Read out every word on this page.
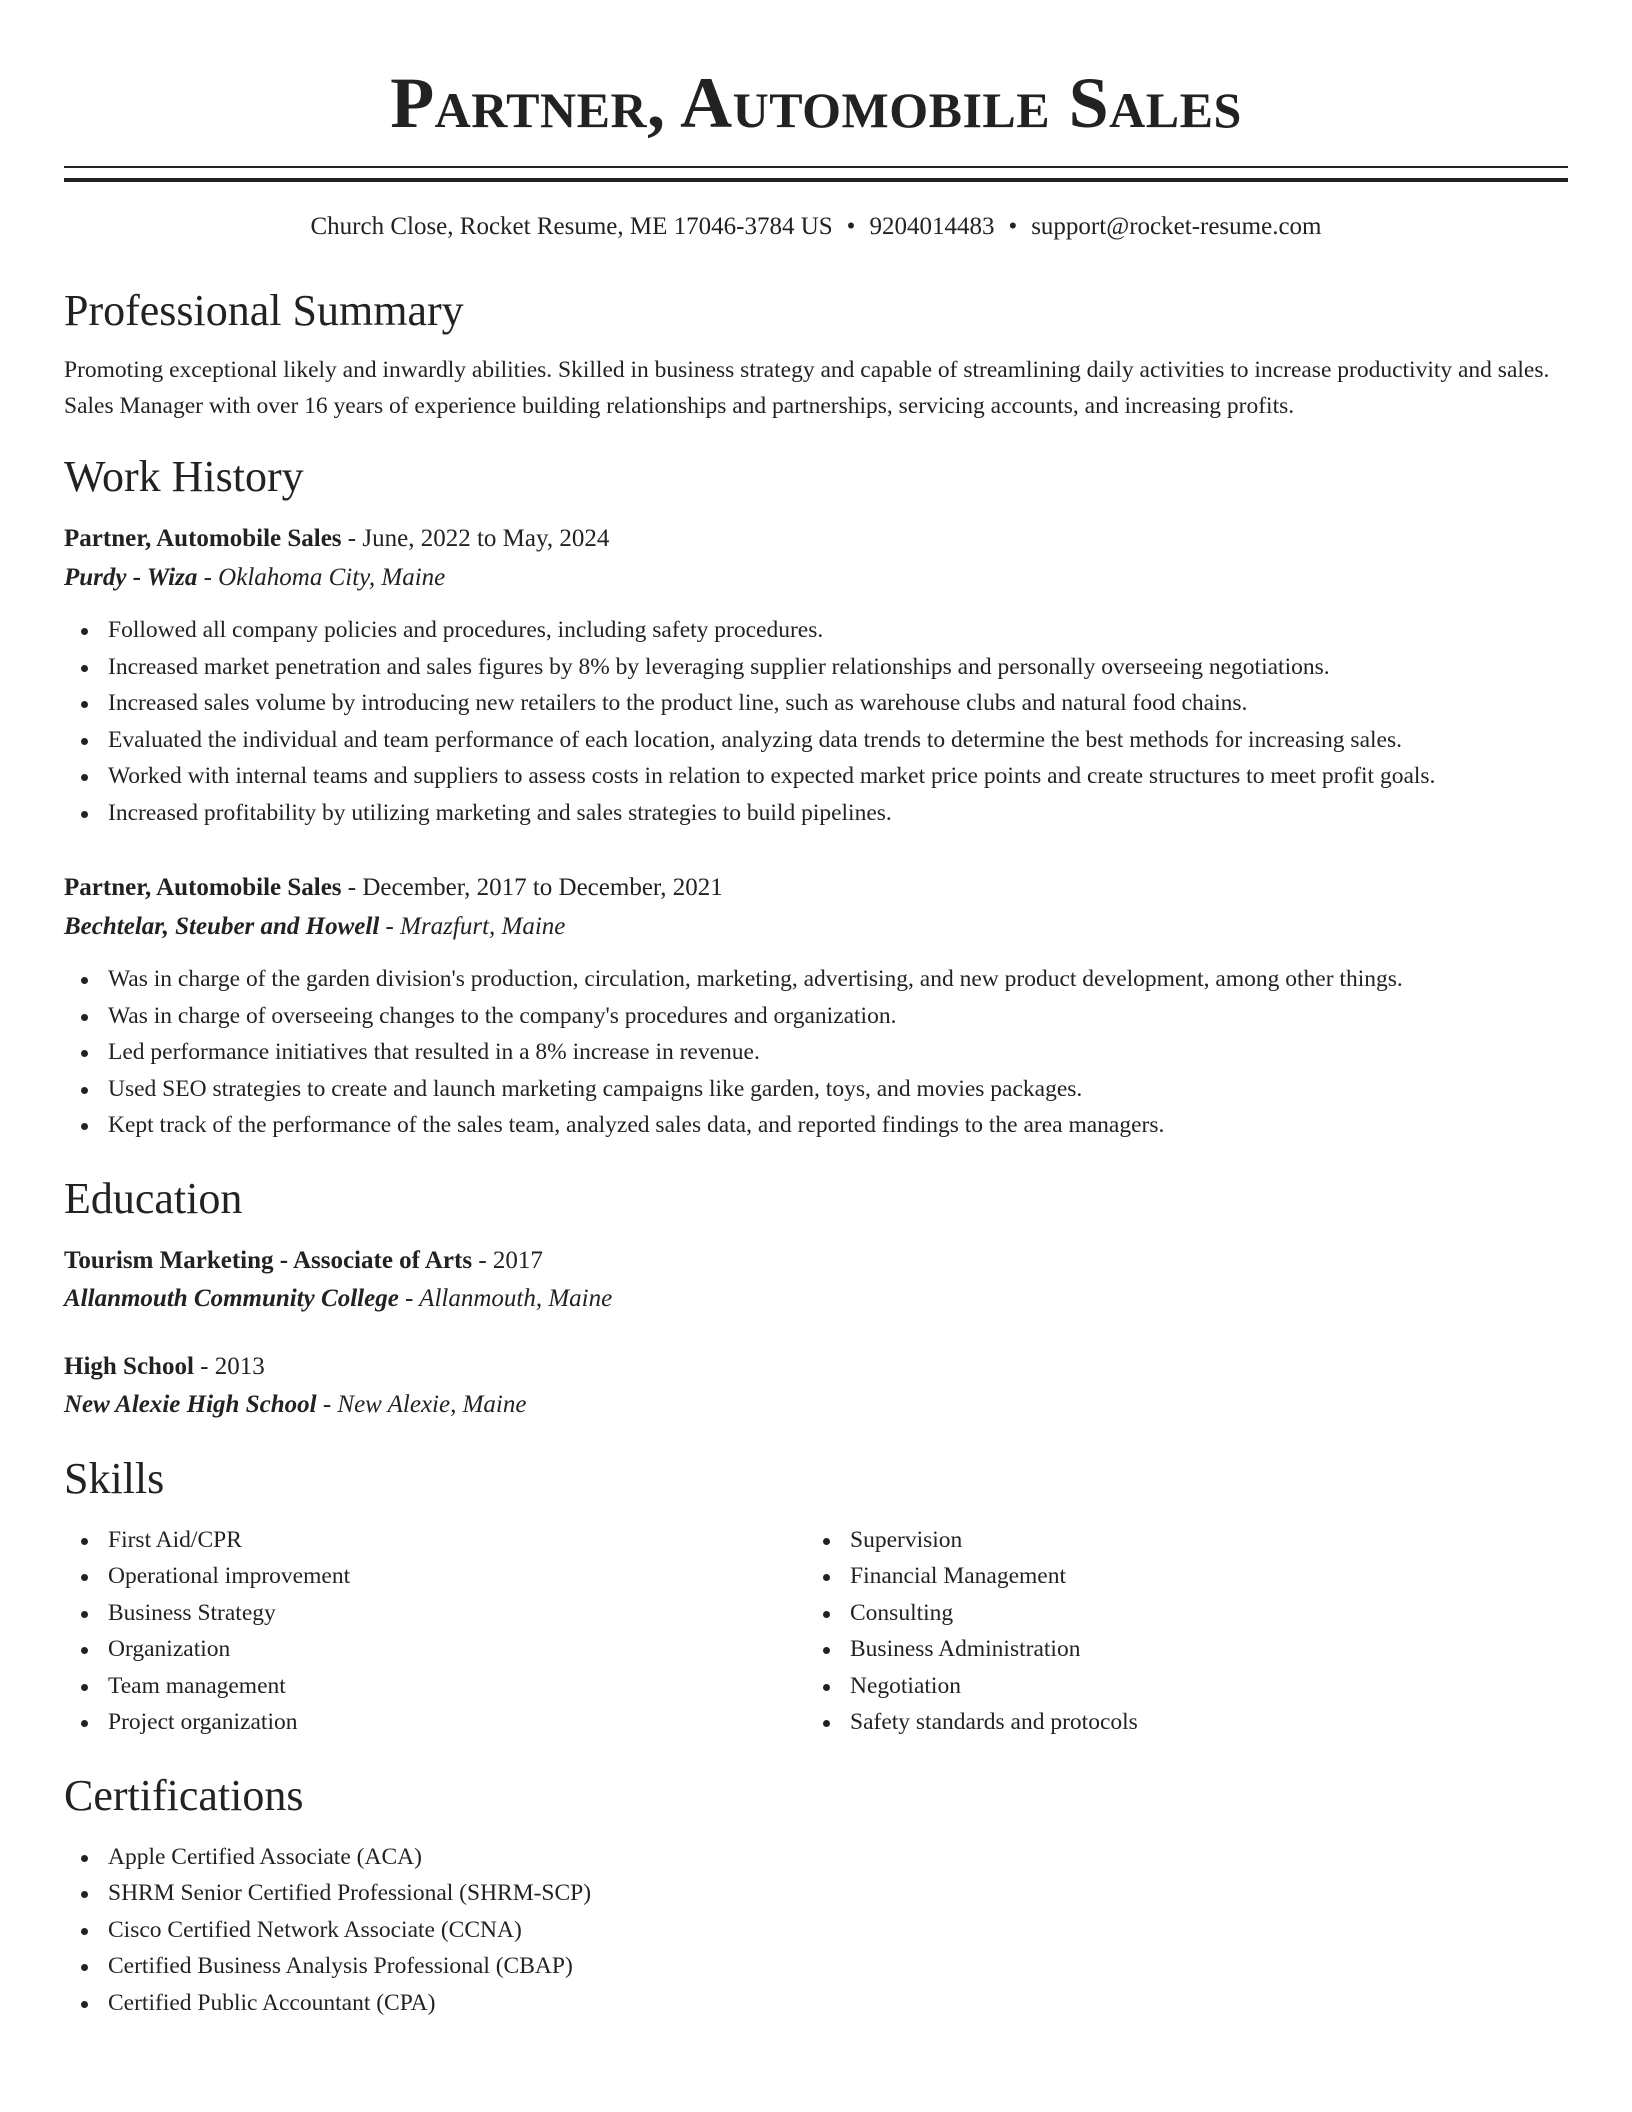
Partner, Automobile Sales
Church Close, Rocket Resume, ME 17046-3784 US • 9204014483 • support@rocket-resume.com
Professional Summary
Promoting exceptional likely and inwardly abilities. Skilled in business strategy and capable of streamlining daily activities to increase productivity and sales. Sales Manager with over 16 years of experience building relationships and partnerships, servicing accounts, and increasing profits.
Work History
Partner, Automobile Sales - June, 2022 to May, 2024
Purdy - Wiza - Oklahoma City, Maine
Followed all company policies and procedures, including safety procedures.
Increased market penetration and sales figures by 8% by leveraging supplier relationships and personally overseeing negotiations.
Increased sales volume by introducing new retailers to the product line, such as warehouse clubs and natural food chains.
Evaluated the individual and team performance of each location, analyzing data trends to determine the best methods for increasing sales.
Worked with internal teams and suppliers to assess costs in relation to expected market price points and create structures to meet profit goals.
Increased profitability by utilizing marketing and sales strategies to build pipelines.
Partner, Automobile Sales - December, 2017 to December, 2021
Bechtelar, Steuber and Howell - Mrazfurt, Maine
Was in charge of the garden division's production, circulation, marketing, advertising, and new product development, among other things.
Was in charge of overseeing changes to the company's procedures and organization.
Led performance initiatives that resulted in a 8% increase in revenue.
Used SEO strategies to create and launch marketing campaigns like garden, toys, and movies packages.
Kept track of the performance of the sales team, analyzed sales data, and reported findings to the area managers.
Education
Tourism Marketing - Associate of Arts - 2017
Allanmouth Community College - Allanmouth, Maine
High School - 2013
New Alexie High School - New Alexie, Maine
Skills
First Aid/CPR
Operational improvement
Business Strategy
Organization
Team management
Project organization
Supervision
Financial Management
Consulting
Business Administration
Negotiation
Safety standards and protocols
Certifications
Apple Certified Associate (ACA)
SHRM Senior Certified Professional (SHRM-SCP)
Cisco Certified Network Associate (CCNA)
Certified Business Analysis Professional (CBAP)
Certified Public Accountant (CPA)
